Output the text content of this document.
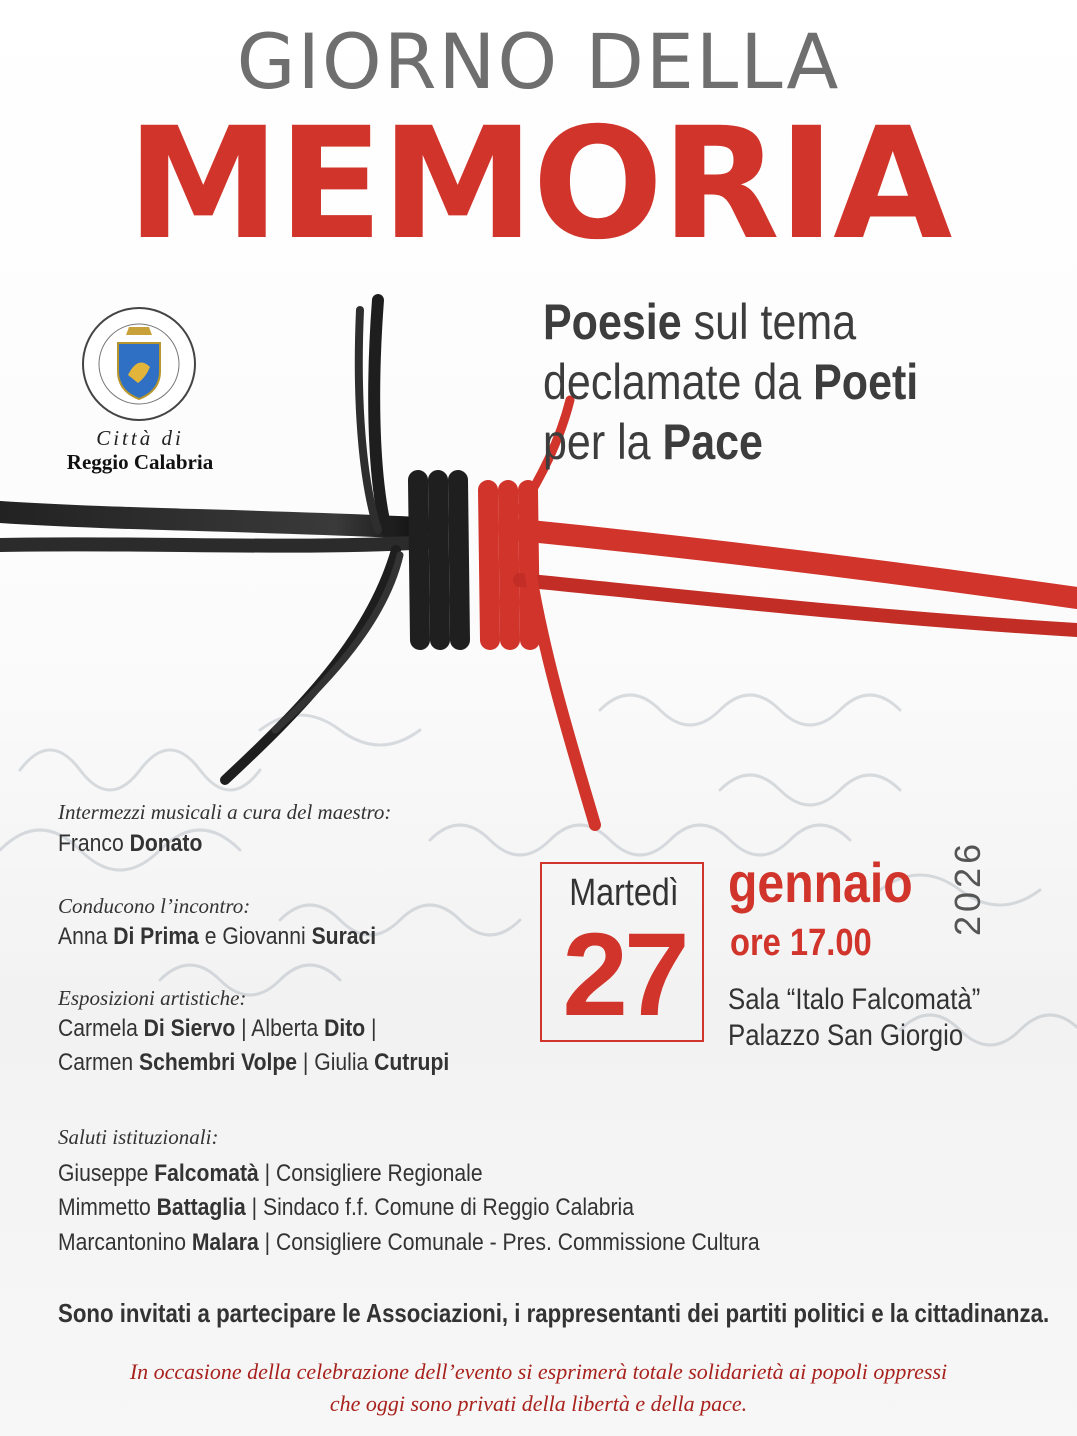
GIORNO DELLA
MEMORIA
Città di
Reggio Calabria
Poesie sul tema
declamate da Poeti
per la Pace
Intermezzi musicali a cura del maestro:
Franco Donato
Conducono l’incontro:
Anna Di Prima e Giovanni Suraci
Esposizioni artistiche:
Carmela Di Siervo | Alberta Dito |
Carmen Schembri Volpe | Giulia Cutrupi
Saluti istituzionali:
Giuseppe Falcomatà | Consigliere Regionale
Mimmetto Battaglia | Sindaco f.f. Comune di Reggio Calabria
Marcantonino Malara | Consigliere Comunale - Pres. Commissione Cultura
Martedì
27
gennaio
ore 17.00
2026
Sala “Italo Falcomatà”
Palazzo San Giorgio
Sono invitati a partecipare le Associazioni, i rappresentanti dei partiti politici e la cittadinanza.
In occasione della celebrazione dell’evento si esprimerà totale solidarietà ai popoli oppressi
che oggi sono privati della libertà e della pace.
